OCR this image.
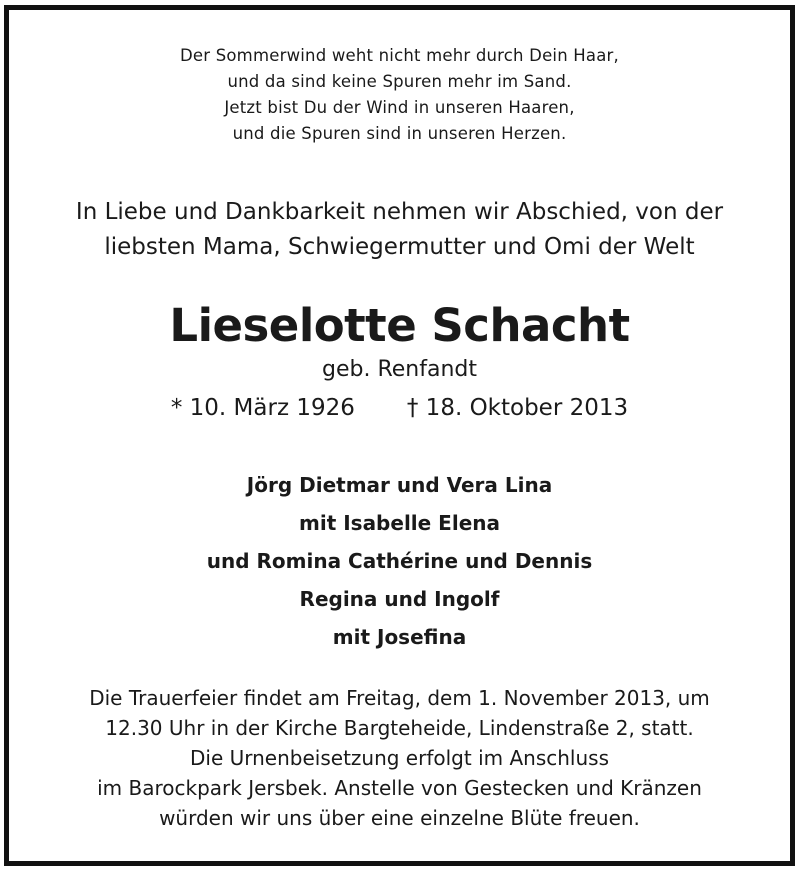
Der Sommerwind weht nicht mehr durch Dein Haar,
und da sind keine Spuren mehr im Sand.
Jetzt bist Du der Wind in unseren Haaren,
und die Spuren sind in unseren Herzen.
In Liebe und Dankbarkeit nehmen wir Abschied, von der
liebsten Mama, Schwiegermutter und Omi der Welt
Lieselotte Schacht
geb. Renfandt
* 10. März 1926 † 18. Oktober 2013
Jörg Dietmar und Vera Lina
mit Isabelle Elena
und Romina Cathérine und Dennis
Regina und Ingolf
mit Josefina
Die Trauerfeier findet am Freitag, dem 1. November 2013, um
12.30 Uhr in der Kirche Bargteheide, Lindenstraße 2, statt.
Die Urnenbeisetzung erfolgt im Anschluss
im Barockpark Jersbek. Anstelle von Gestecken und Kränzen
würden wir uns über eine einzelne Blüte freuen.
